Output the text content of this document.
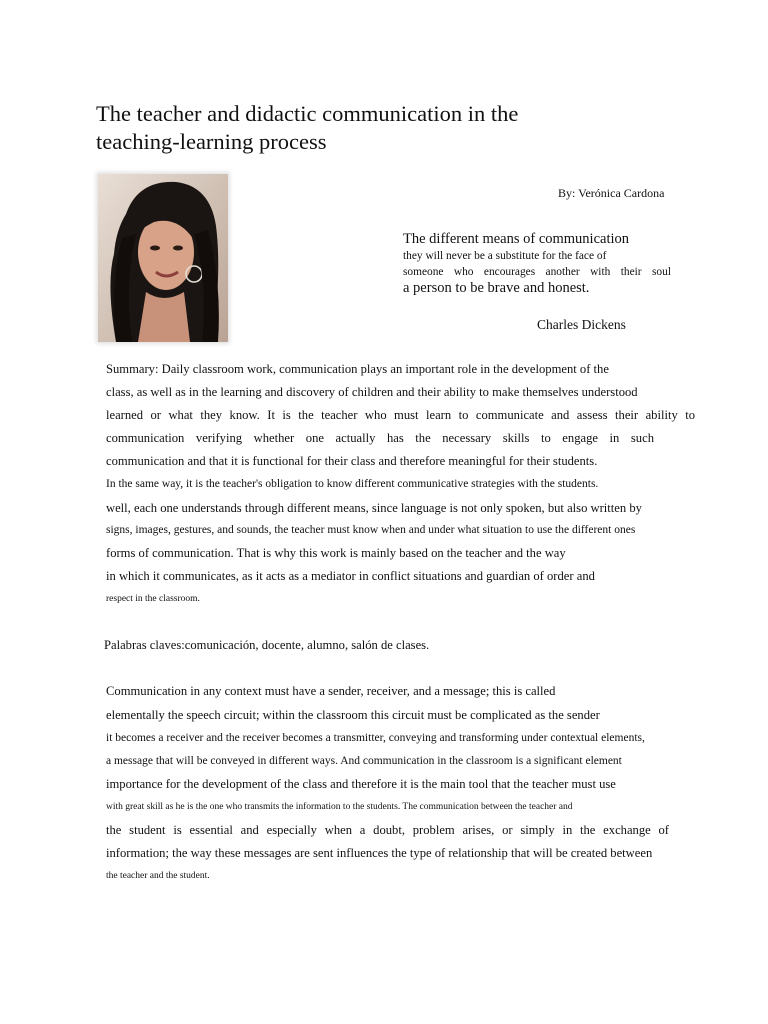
The teacher and didactic communication in the
teaching-learning process
By: Verónica Cardona
The different means of communication
they will never be a substitute for the face of
someone who encourages another with their soul
a person to be brave and honest.
Charles Dickens
Summary: Daily classroom work, communication plays an important role in the development of the
class, as well as in the learning and discovery of children and their ability to make themselves understood
learned or what they know. It is the teacher who must learn to communicate and assess their ability to
communication verifying whether one actually has the necessary skills to engage in such
communication and that it is functional for their class and therefore meaningful for their students.
In the same way, it is the teacher's obligation to know different communicative strategies with the students.
well, each one understands through different means, since language is not only spoken, but also written by
signs, images, gestures, and sounds, the teacher must know when and under what situation to use the different ones
forms of communication. That is why this work is mainly based on the teacher and the way
in which it communicates, as it acts as a mediator in conflict situations and guardian of order and
respect in the classroom.
Palabras claves:comunicación, docente, alumno, salón de clases.
Communication in any context must have a sender, receiver, and a message; this is called
elementally the speech circuit; within the classroom this circuit must be complicated as the sender
it becomes a receiver and the receiver becomes a transmitter, conveying and transforming under contextual elements,
a message that will be conveyed in different ways. And communication in the classroom is a significant element
importance for the development of the class and therefore it is the main tool that the teacher must use
with great skill as he is the one who transmits the information to the students. The communication between the teacher and
the student is essential and especially when a doubt, problem arises, or simply in the exchange of
information; the way these messages are sent influences the type of relationship that will be created between
the teacher and the student.
